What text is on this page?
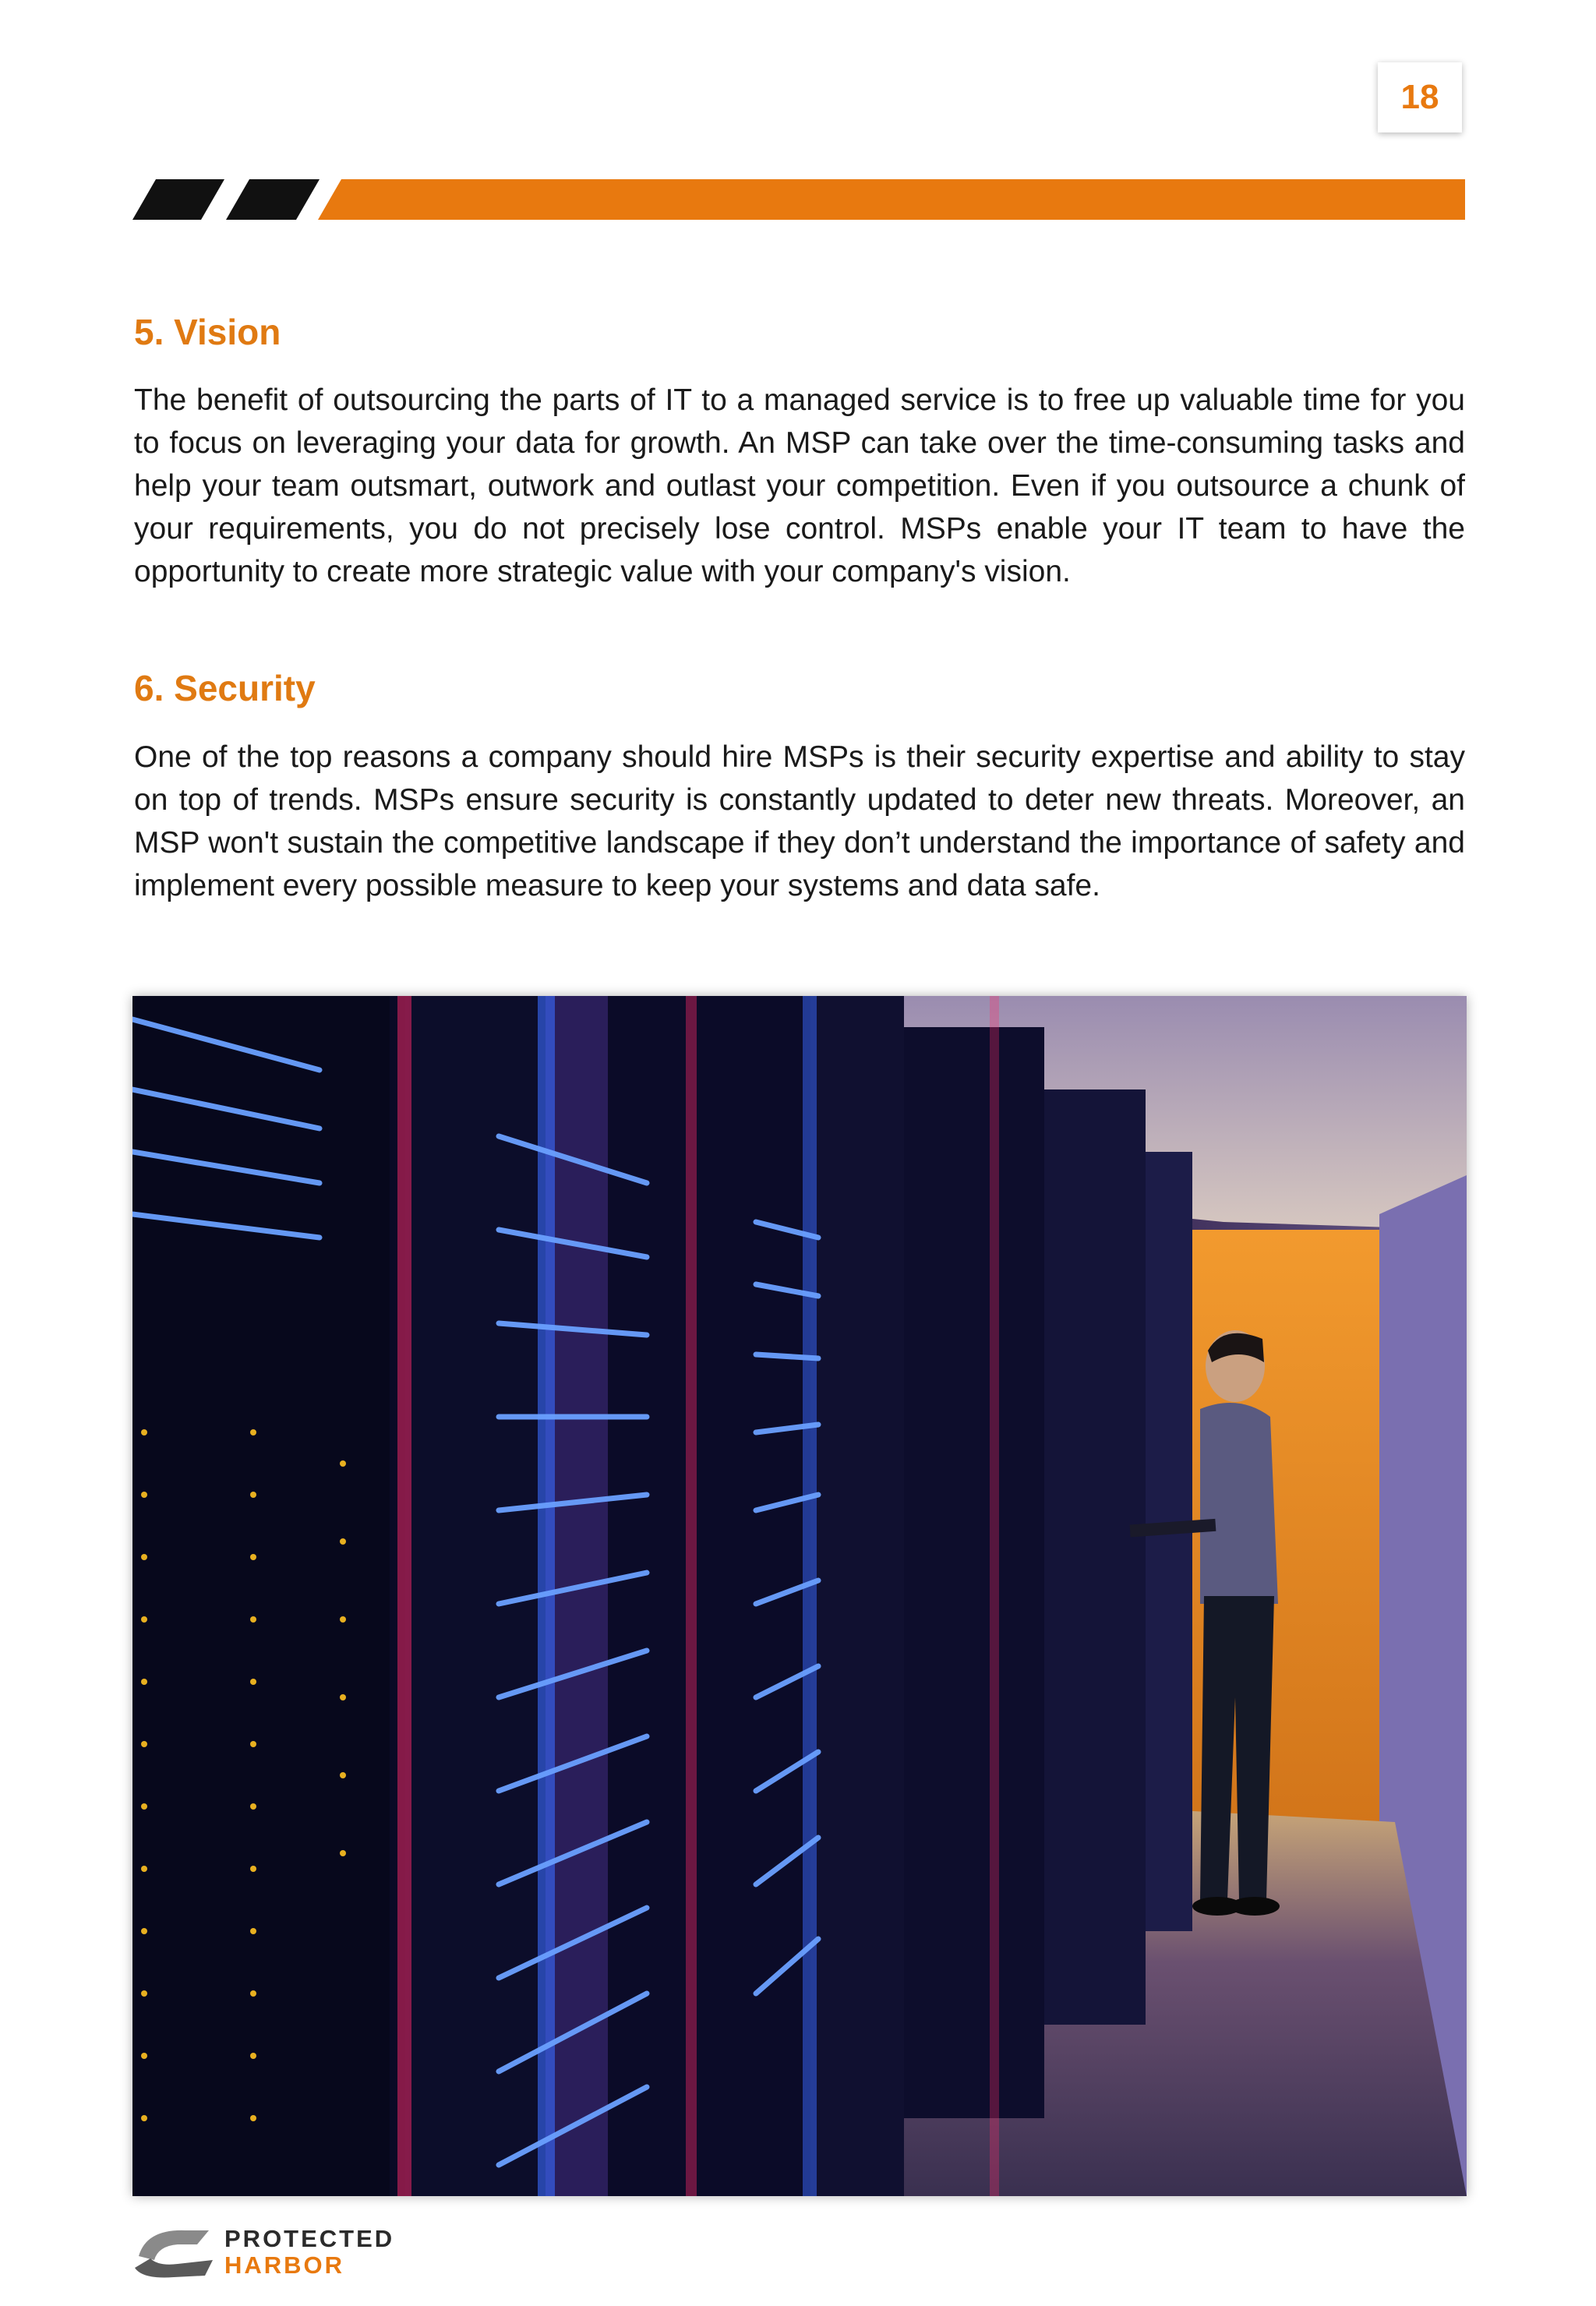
18
5. Vision

The benefit of outsourcing the parts of IT to a managed service is to free up valuable time for you to focus on leveraging your data for growth. An MSP can take over the time-consuming tasks and help your team outsmart, outwork and outlast your competition. Even if you outsource a chunk of your requirements, you do not precisely lose control. MSPs enable your IT team to have the opportunity to create more strategic value with your company's vision.

6. Security

One of the top reasons a company should hire MSPs is their security expertise and ability to stay on top of trends. MSPs ensure security is constantly updated to deter new threats. Moreover, an MSP won't sustain the competitive landscape if they don’t understand the importance of safety and implement every possible measure to keep your systems and data safe.

PROTECTED
HARBOR
